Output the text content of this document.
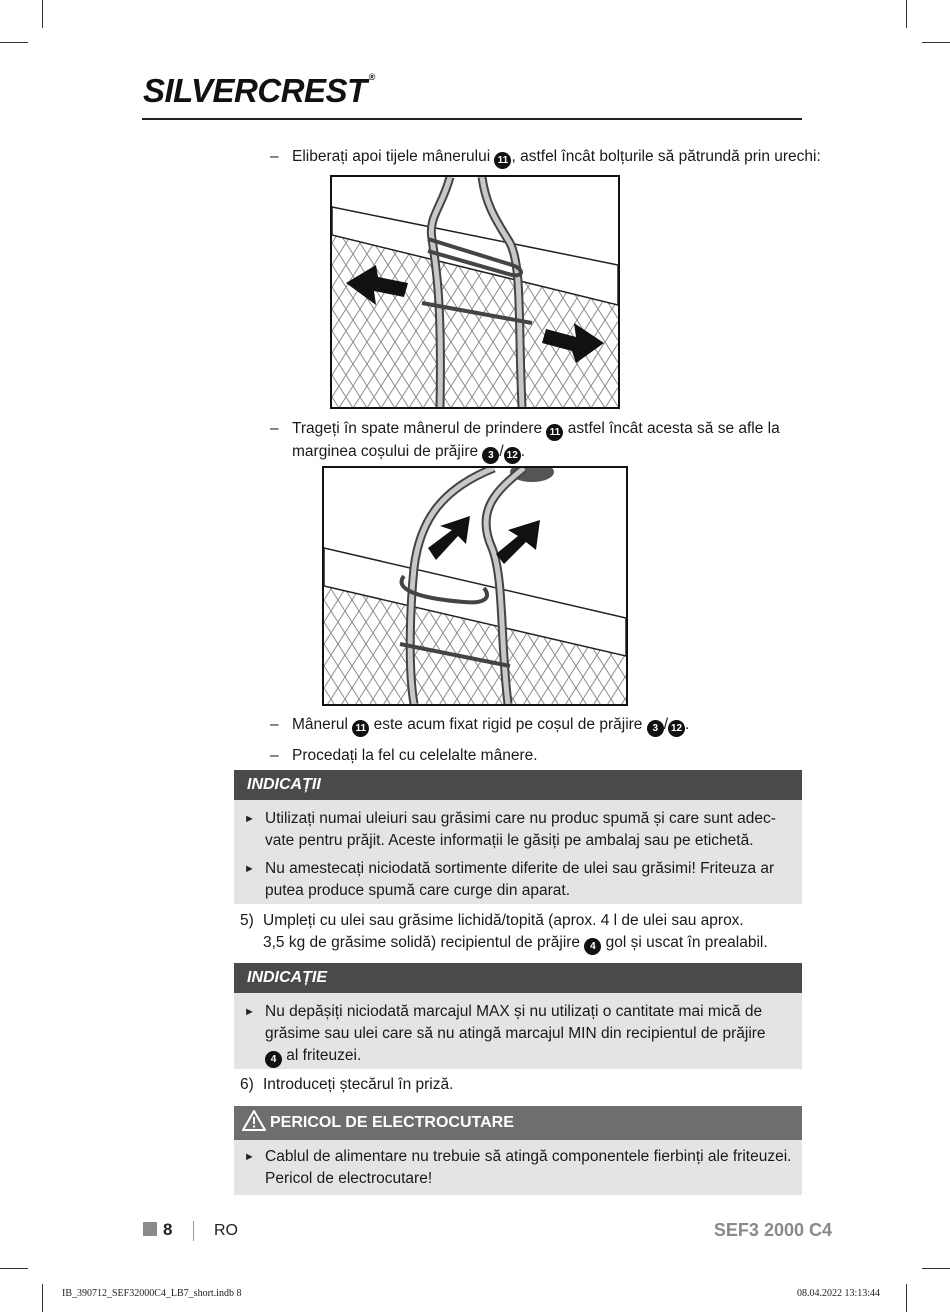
SILVERCREST ®
– Eliberați apoi tijele mânerului 11 , astfel încât bolțurile să pătrundă prin urechi:
– Trageți în spate mânerul de prindere 11 astfel încât acesta să se afle la
marginea coșului de prăjire 3 / 12 .
– Mânerul 11 este acum fixat rigid pe coșul de prăjire 3 / 12 .
– Procedați la fel cu celelalte mânere.
INDICAȚII
► Utilizați numai uleiuri sau grăsimi care nu produc spumă și care sunt adec-
vate pentru prăjit. Aceste informații le găsiți pe ambalaj sau pe etichetă.
► Nu amestecați niciodată sortimente diferite de ulei sau grăsimi! Friteuza ar
putea produce spumă care curge din aparat.
5) Umpleți cu ulei sau grăsime lichidă/topită (aprox. 4 l de ulei sau aprox.
3,5 kg de grăsime solidă) recipientul de prăjire 4 gol și uscat în prealabil.
INDICAȚIE
► Nu depășiți niciodată marcajul MAX și nu utilizați o cantitate mai mică de
grăsime sau ulei care să nu atingă marcajul MIN din recipientul de prăjire
4 al friteuzei.
6) Introduceți ștecărul în priză.
PERICOL DE ELECTROCUTARE
► Cablul de alimentare nu trebuie să atingă componentele fierbinți ale friteuzei.
Pericol de electrocutare!
8	RO	SEF3 2000 C4
IB_390712_SEF32000C4_LB7_short.indb 8	08.04.2022 13:13:44
